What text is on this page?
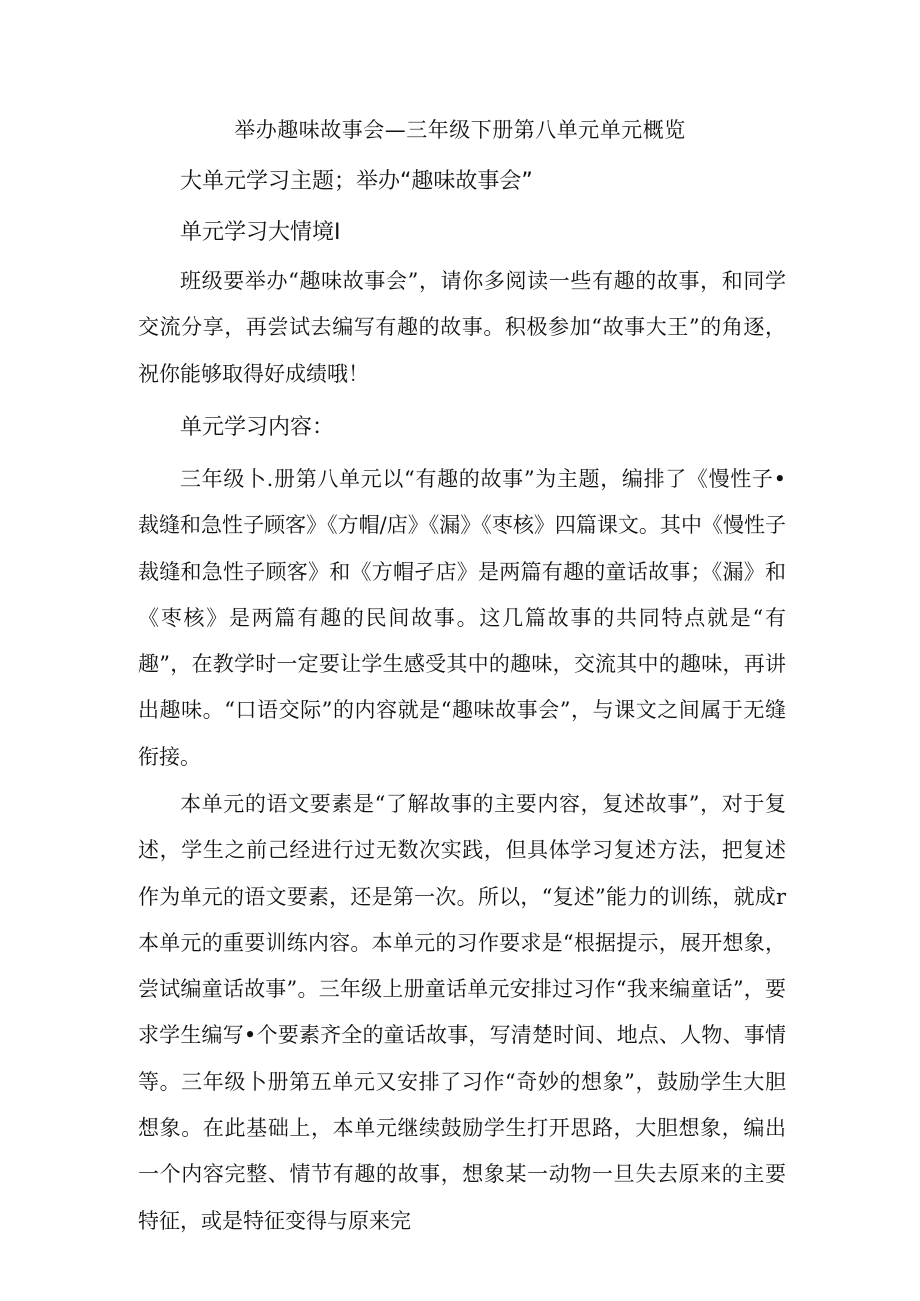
举办趣味故事会—三年级下册第八单元单元概览
大单元学习主题；举办“趣味故事会”
单元学习大情境I

班级要举办“趣味故事会”，请你多阅读一些有趣的故事，和同学交流分享，再尝试去编写有趣的故事。积极参加“故事大王”的角逐，祝你能够取得好成绩哦！

单元学习内容：

三年级卜.册第八单元以“有趣的故事”为主题，编排了《慢性子•裁缝和急性子顾客》《方帽/店》《漏》《枣核》四篇课文。其中《慢性子裁缝和急性子顾客》和《方帽孑店》是两篇有趣的童话故事；《漏》和《枣核》是两篇有趣的民间故事。这几篇故事的共同特点就是“有趣”，在教学时一定要让学生感受其中的趣味，交流其中的趣味，再讲出趣味。“口语交际”的内容就是“趣味故事会”，与课文之间属于无缝衔接。

本单元的语文要素是“了解故事的主要内容，复述故事”，对于复述，学生之前己经进行过无数次实践，但具体学习复述方法，把复述作为单元的语文要素，还是第一次。所以，“复述”能力的训练，就成r本单元的重要训练内容。本单元的习作要求是“根据提示，展开想象，尝试编童话故事”。三年级上册童话单元安排过习作“我来编童话”，要求学生编写•个要素齐全的童话故事，写清楚时间、地点、人物、事情等。三年级卜册第五单元又安排了习作“奇妙的想象”，鼓励学生大胆想象。在此基础上，本单元继续鼓励学生打开思路，大胆想象，编出一个内容完整、情节有趣的故事，想象某一动物一旦失去原来的主要特征，或是特征变得与原来完
